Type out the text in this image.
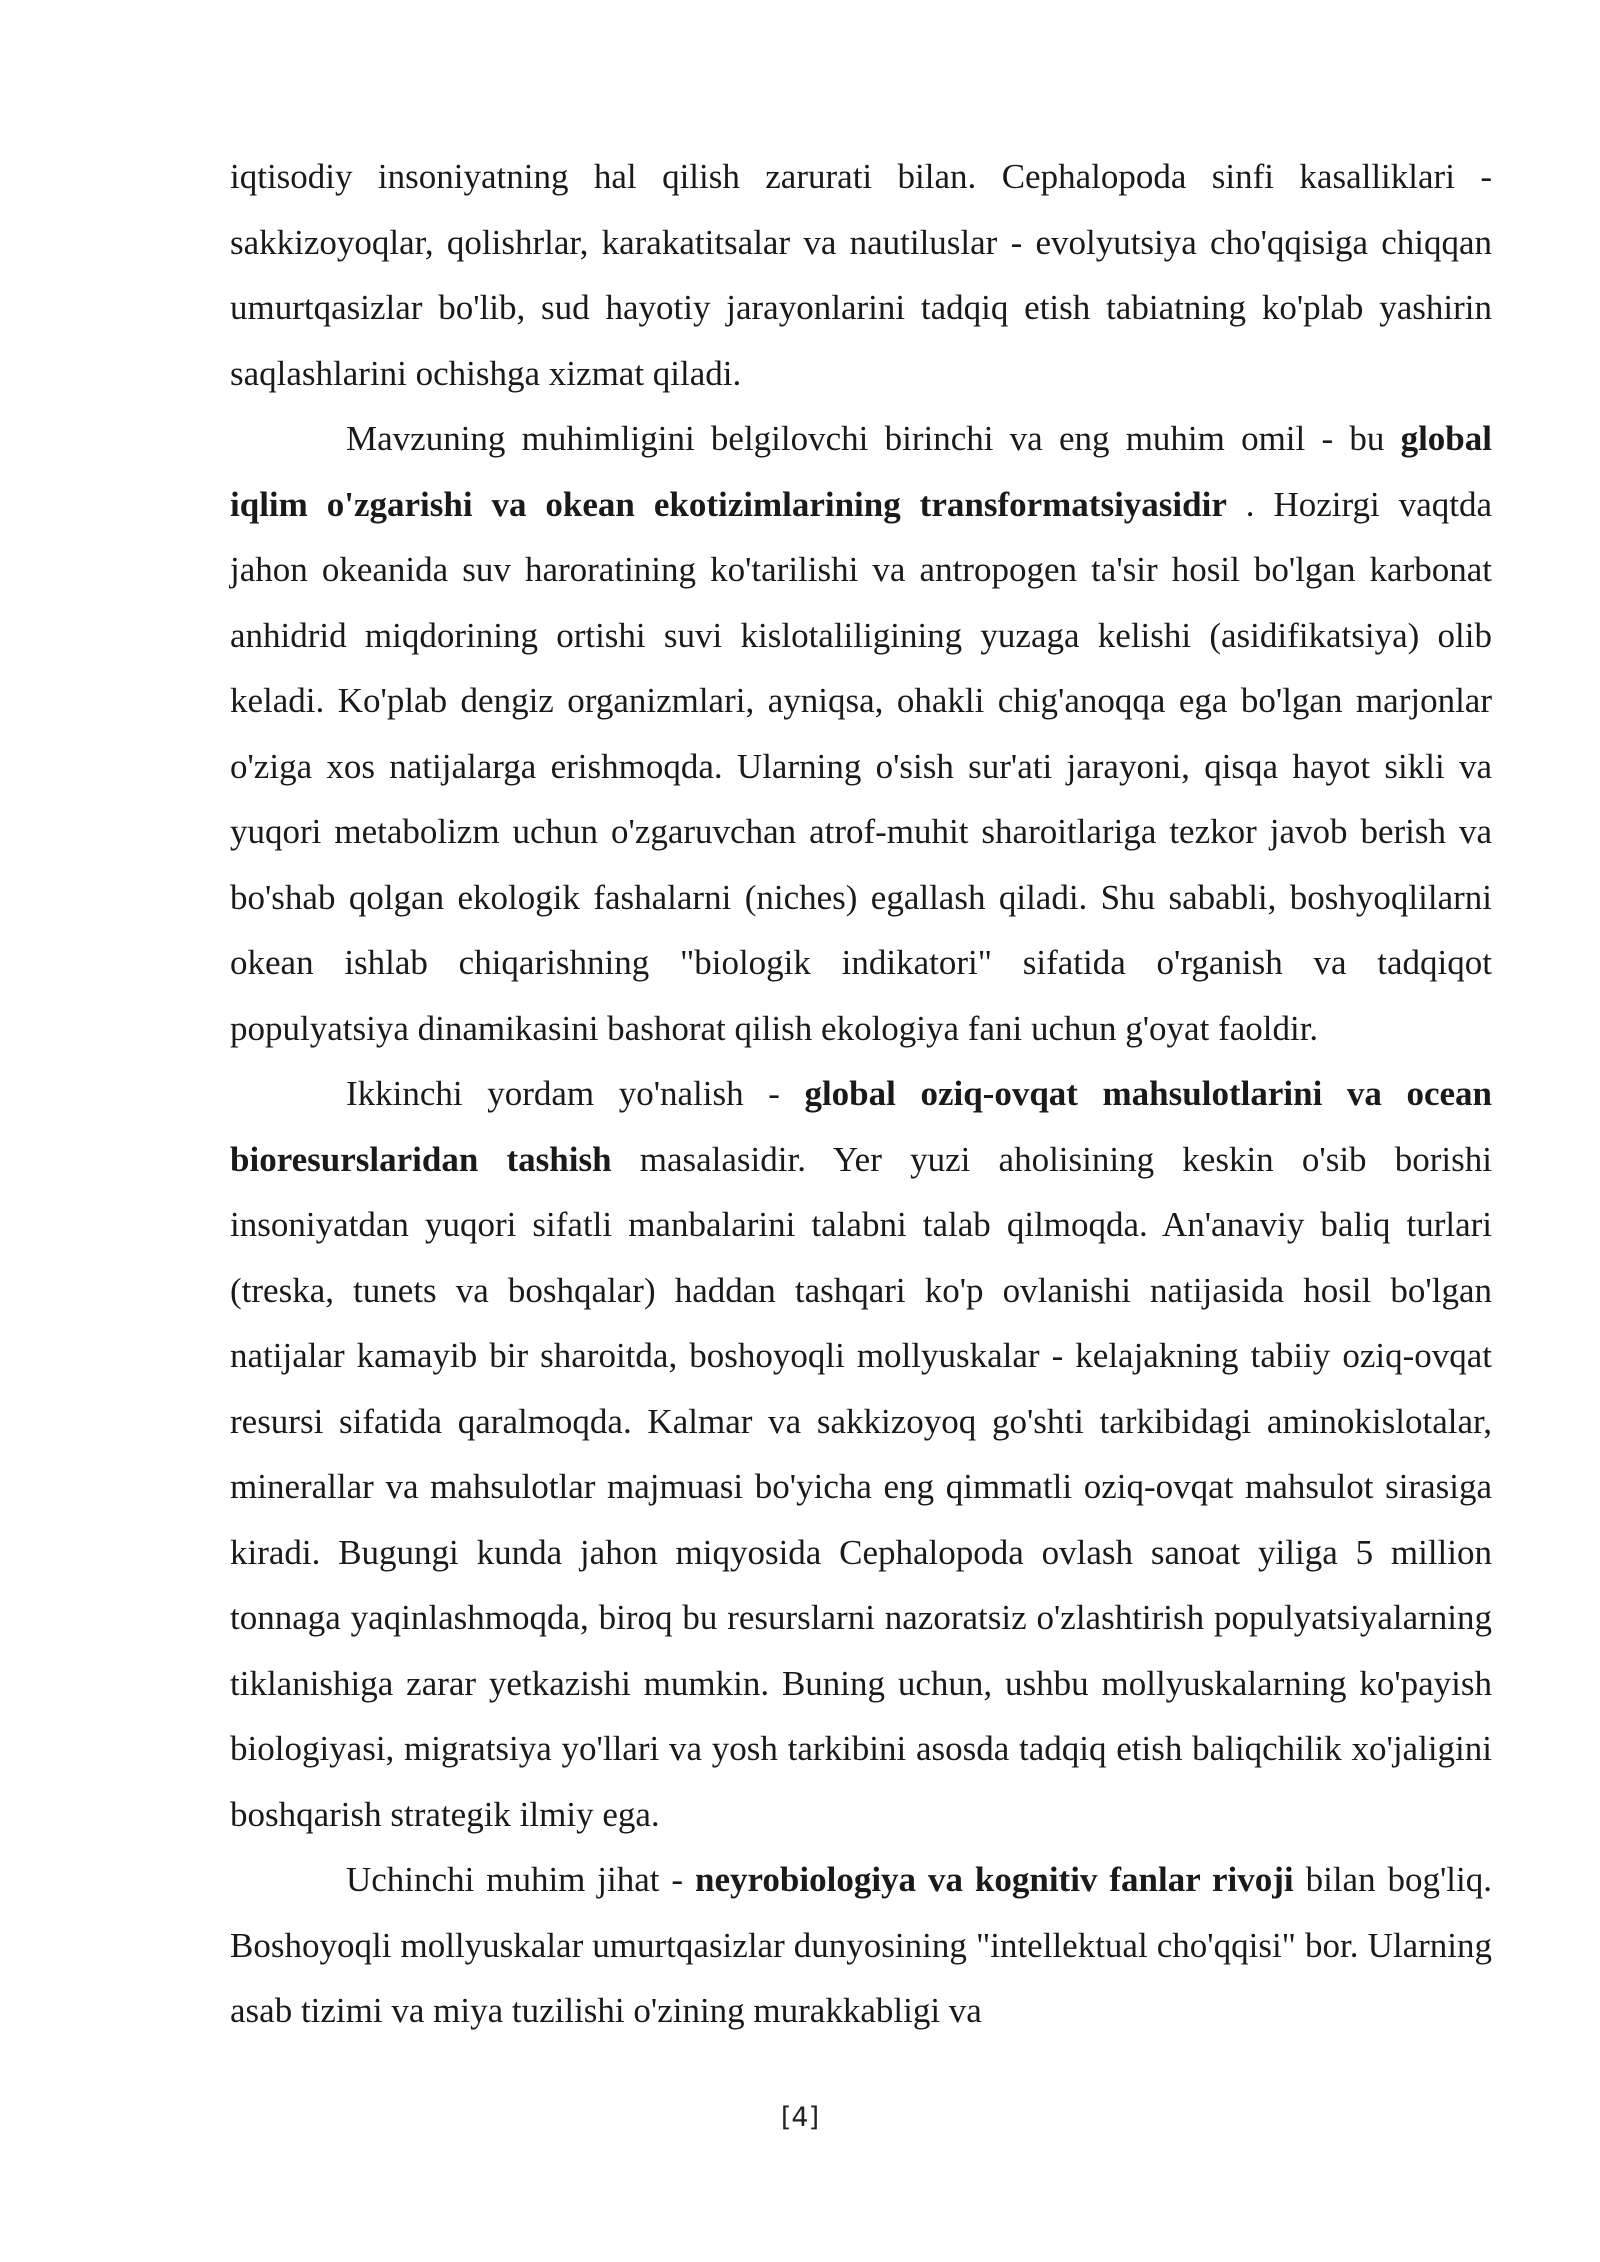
iqtisodiy insoniyatning hal qilish zarurati bilan. Cephalopoda sinfi kasalliklari - sakkizoyoqlar, qolishrlar, karakatitsalar va nautiluslar - evolyutsiya cho'qqisiga chiqqan umurtqasizlar bo'lib, sud hayotiy jarayonlarini tadqiq etish tabiatning ko'plab yashirin saqlashlarini ochishga xizmat qiladi.

Mavzuning muhimligini belgilovchi birinchi va eng muhim omil - bu global iqlim o'zgarishi va okean ekotizimlarining transformatsiyasidir . Hozirgi vaqtda jahon okeanida suv haroratining ko'tarilishi va antropogen ta'sir hosil bo'lgan karbonat anhidrid miqdorining ortishi suvi kislotaliligining yuzaga kelishi (asidifikatsiya) olib keladi. Ko'plab dengiz organizmlari, ayniqsa, ohakli chig'anoqqa ega bo'lgan marjonlar o'ziga xos natijalarga erishmoqda. Ularning o'sish sur'ati jarayoni, qisqa hayot sikli va yuqori metabolizm uchun o'zgaruvchan atrof-muhit sharoitlariga tezkor javob berish va bo'shab qolgan ekologik fashalarni (niches) egallash qiladi. Shu sababli, boshyoqlilarni okean ishlab chiqarishning "biologik indikatori" sifatida o'rganish va tadqiqot populyatsiya dinamikasini bashorat qilish ekologiya fani uchun g'oyat faoldir.

Ikkinchi yordam yo'nalish - global oziq-ovqat mahsulotlarini va ocean bioresurslaridan tashish masalasidir. Yer yuzi aholisining keskin o'sib borishi insoniyatdan yuqori sifatli manbalarini talabni talab qilmoqda. An'anaviy baliq turlari (treska, tunets va boshqalar) haddan tashqari ko'p ovlanishi natijasida hosil bo'lgan natijalar kamayib bir sharoitda, boshoyoqli mollyuskalar - kelajakning tabiiy oziq-ovqat resursi sifatida qaralmoqda. Kalmar va sakkizoyoq go'shti tarkibidagi aminokislotalar, minerallar va mahsulotlar majmuasi bo'yicha eng qimmatli oziq-ovqat mahsulot sirasiga kiradi. Bugungi kunda jahon miqyosida Cephalopoda ovlash sanoat yiliga 5 million tonnaga yaqinlashmoqda, biroq bu resurslarni nazoratsiz o'zlashtirish populyatsiyalarning tiklanishiga zarar yetkazishi mumkin. Buning uchun, ushbu mollyuskalarning ko'payish biologiyasi, migratsiya yo'llari va yosh tarkibini asosda tadqiq etish baliqchilik xo'jaligini boshqarish strategik ilmiy ega.

Uchinchi muhim jihat - neyrobiologiya va kognitiv fanlar rivoji bilan bog'liq. Boshoyoqli mollyuskalar umurtqasizlar dunyosining "intellektual cho'qqisi" bor. Ularning asab tizimi va miya tuzilishi o'zining murakkabligi va

[4]
